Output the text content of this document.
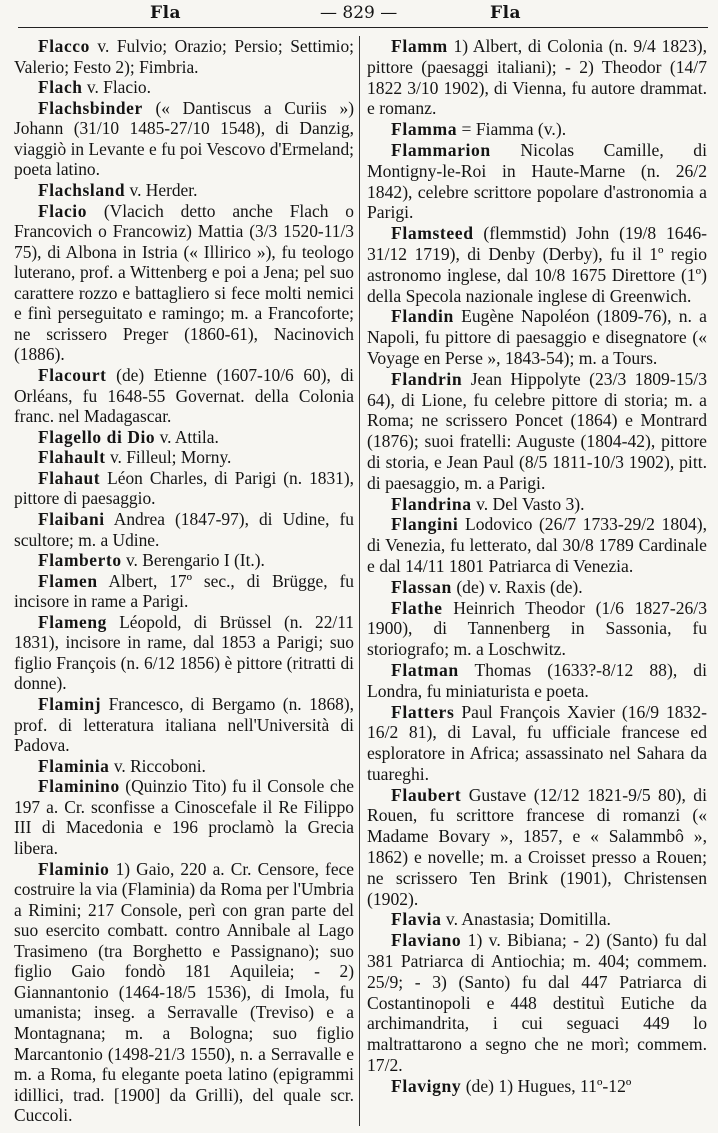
Fla	— 829 —	Fla

Flacco v. Fulvio; Orazio; Persio; Settimio; Valerio; Festo 2); Fimbria.

Flach v. Flacio.

Flachsbinder (« Dantiscus a Curiis ») Johann (31/10 1485-27/10 1548), di Danzig, viaggiò in Levante e fu poi Vescovo d'Ermeland; poeta latino.

Flachsland v. Herder.

Flacio (Vlacich detto anche Flach o Francovich o Francowiz) Mattia (3/3 1520-11/3 75), di Albona in Istria (« Illirico »), fu teologo luterano, prof. a Wittenberg e poi a Jena; pel suo carattere rozzo e battagliero si fece molti nemici e finì perseguitato e ramingo; m. a Francoforte; ne scrissero Preger (1860-61), Nacinovich (1886).

Flacourt (de) Etienne (1607-10/6 60), di Orléans, fu 1648-55 Governat. della Colonia franc. nel Madagascar.

Flagello di Dio v. Attila.

Flahault v. Filleul; Morny.

Flahaut Léon Charles, di Parigi (n. 1831), pittore di paesaggio.

Flaibani Andrea (1847-97), di Udine, fu scultore; m. a Udine.

Flamberto v. Berengario I (It.).

Flamen Albert, 17º sec., di Brügge, fu incisore in rame a Parigi.

Flameng Léopold, di Brüssel (n. 22/11 1831), incisore in rame, dal 1853 a Parigi; suo figlio François (n. 6/12 1856) è pittore (ritratti di donne).

Flaminj Francesco, di Bergamo (n. 1868), prof. di letteratura italiana nell'Università di Padova.

Flaminia v. Riccoboni.

Flaminino (Quinzio Tito) fu il Console che 197 a. Cr. sconfisse a Cinoscefale il Re Filippo III di Macedonia e 196 proclamò la Grecia libera.

Flaminio 1) Gaio, 220 a. Cr. Censore, fece costruire la via (Flaminia) da Roma per l'Umbria a Rimini; 217 Console, perì con gran parte del suo esercito combatt. contro Annibale al Lago Trasimeno (tra Borghetto e Passignano); suo figlio Gaio fondò 181 Aquileia; - 2) Giannantonio (1464-18/5 1536), di Imola, fu umanista; inseg. a Serravalle (Treviso) e a Montagnana; m. a Bologna; suo figlio Marcantonio (1498-21/3 1550), n. a Serravalle e m. a Roma, fu elegante poeta latino (epigrammi idillici, trad. [1900] da Grilli), del quale scr. Cuccoli.

Flamm 1) Albert, di Colonia (n. 9/4 1823), pittore (paesaggi italiani); - 2) Theodor (14/7 1822 3/10 1902), di Vienna, fu autore drammat. e romanz.

Flamma = Fiamma (v.).

Flammarion Nicolas Camille, di Montigny-le-Roi in Haute-Marne (n. 26/2 1842), celebre scrittore popolare d'astronomia a Parigi.

Flamsteed (flemmstid) John (19/8 1646-31/12 1719), di Denby (Derby), fu il 1º regio astronomo inglese, dal 10/8 1675 Direttore (1º) della Specola nazionale inglese di Greenwich.

Flandin Eugène Napoléon (1809-76), n. a Napoli, fu pittore di paesaggio e disegnatore (« Voyage en Perse », 1843-54); m. a Tours.

Flandrin Jean Hippolyte (23/3 1809-15/3 64), di Lione, fu celebre pittore di storia; m. a Roma; ne scrissero Poncet (1864) e Montrard (1876); suoi fratelli: Auguste (1804-42), pittore di storia, e Jean Paul (8/5 1811-10/3 1902), pitt. di paesaggio, m. a Parigi.

Flandrina v. Del Vasto 3).

Flangini Lodovico (26/7 1733-29/2 1804), di Venezia, fu letterato, dal 30/8 1789 Cardinale e dal 14/11 1801 Patriarca di Venezia.

Flassan (de) v. Raxis (de).

Flathe Heinrich Theodor (1/6 1827-26/3 1900), di Tannenberg in Sassonia, fu storiografo; m. a Loschwitz.

Flatman Thomas (1633?-8/12 88), di Londra, fu miniaturista e poeta.

Flatters Paul François Xavier (16/9 1832-16/2 81), di Laval, fu ufficiale francese ed esploratore in Africa; assassinato nel Sahara da tuareghi.

Flaubert Gustave (12/12 1821-9/5 80), di Rouen, fu scrittore francese di romanzi (« Madame Bovary », 1857, e « Salammbô », 1862) e novelle; m. a Croisset presso a Rouen; ne scrissero Ten Brink (1901), Christensen (1902).

Flavia v. Anastasia; Domitilla.

Flaviano 1) v. Bibiana; - 2) (Santo) fu dal 381 Patriarca di Antiochia; m. 404; commem. 25/9; - 3) (Santo) fu dal 447 Patriarca di Costantinopoli e 448 destituì Eutiche da archimandrita, i cui seguaci 449 lo maltrattarono a segno che ne morì; commem. 17/2.

Flavigny (de) 1) Hugues, 11º-12º
